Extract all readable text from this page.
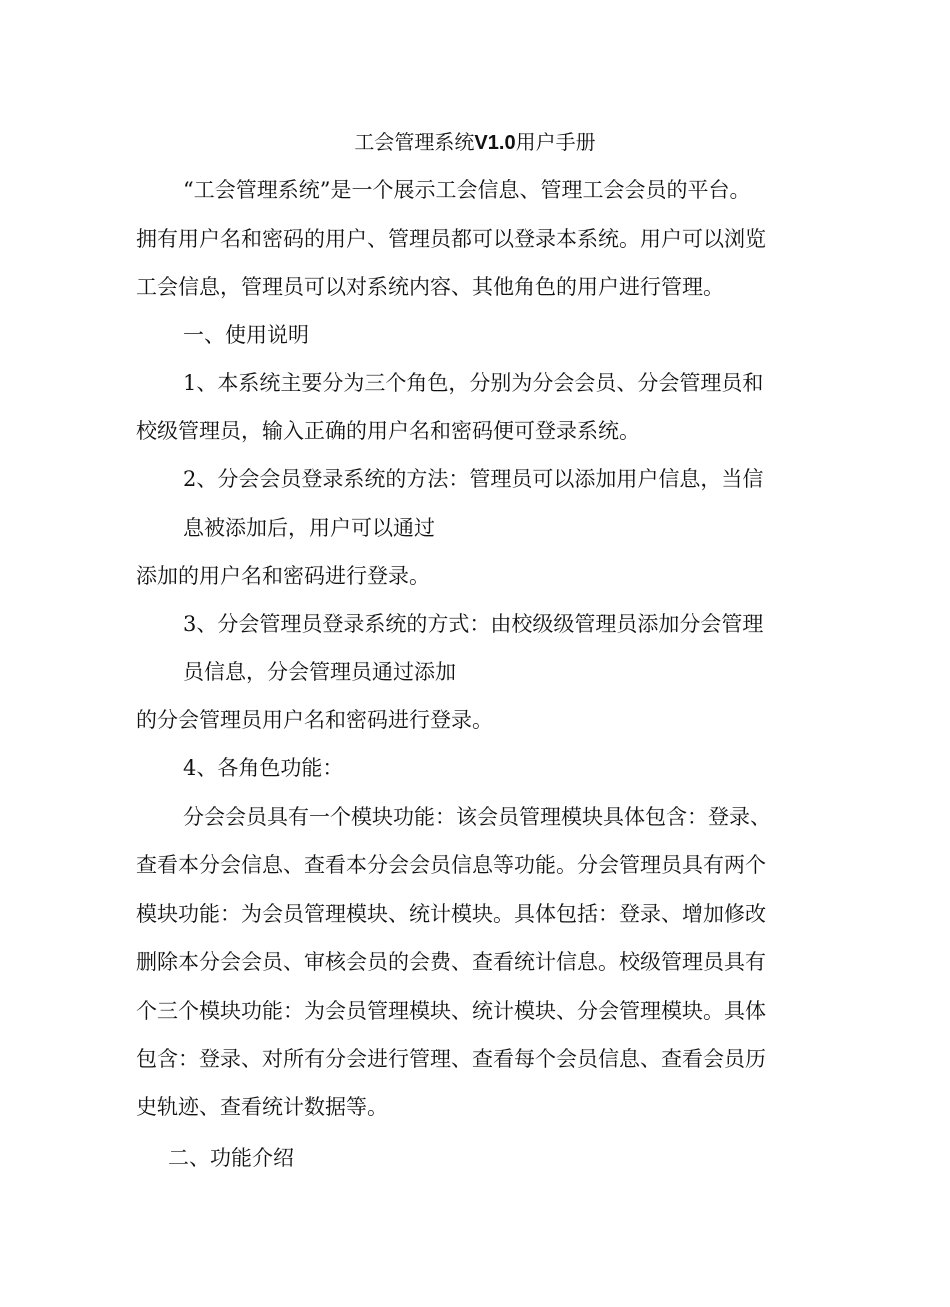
工会管理系统V1.0用户手册
“工会管理系统”是一个展示工会信息、管理工会会员的平台。
拥有用户名和密码的用户、管理员都可以登录本系统。用户可以浏览
工会信息，管理员可以对系统内容、其他角色的用户进行管理。
一、使用说明
1、本系统主要分为三个角色，分别为分会会员、分会管理员和
校级管理员，输入正确的用户名和密码便可登录系统。
2、分会会员登录系统的方法：管理员可以添加用户信息，当信
息被添加后，用户可以通过
添加的用户名和密码进行登录。
3、分会管理员登录系统的方式：由校级级管理员添加分会管理
员信息，分会管理员通过添加
的分会管理员用户名和密码进行登录。
4、各角色功能：
分会会员具有一个模块功能：该会员管理模块具体包含：登录、
查看本分会信息、查看本分会会员信息等功能。分会管理员具有两个
模块功能：为会员管理模块、统计模块。具体包括：登录、增加修改
删除本分会会员、审核会员的会费、查看统计信息。校级管理员具有
个三个模块功能：为会员管理模块、统计模块、分会管理模块。具体
包含：登录、对所有分会进行管理、查看每个会员信息、查看会员历
史轨迹、查看统计数据等。
二、功能介绍
